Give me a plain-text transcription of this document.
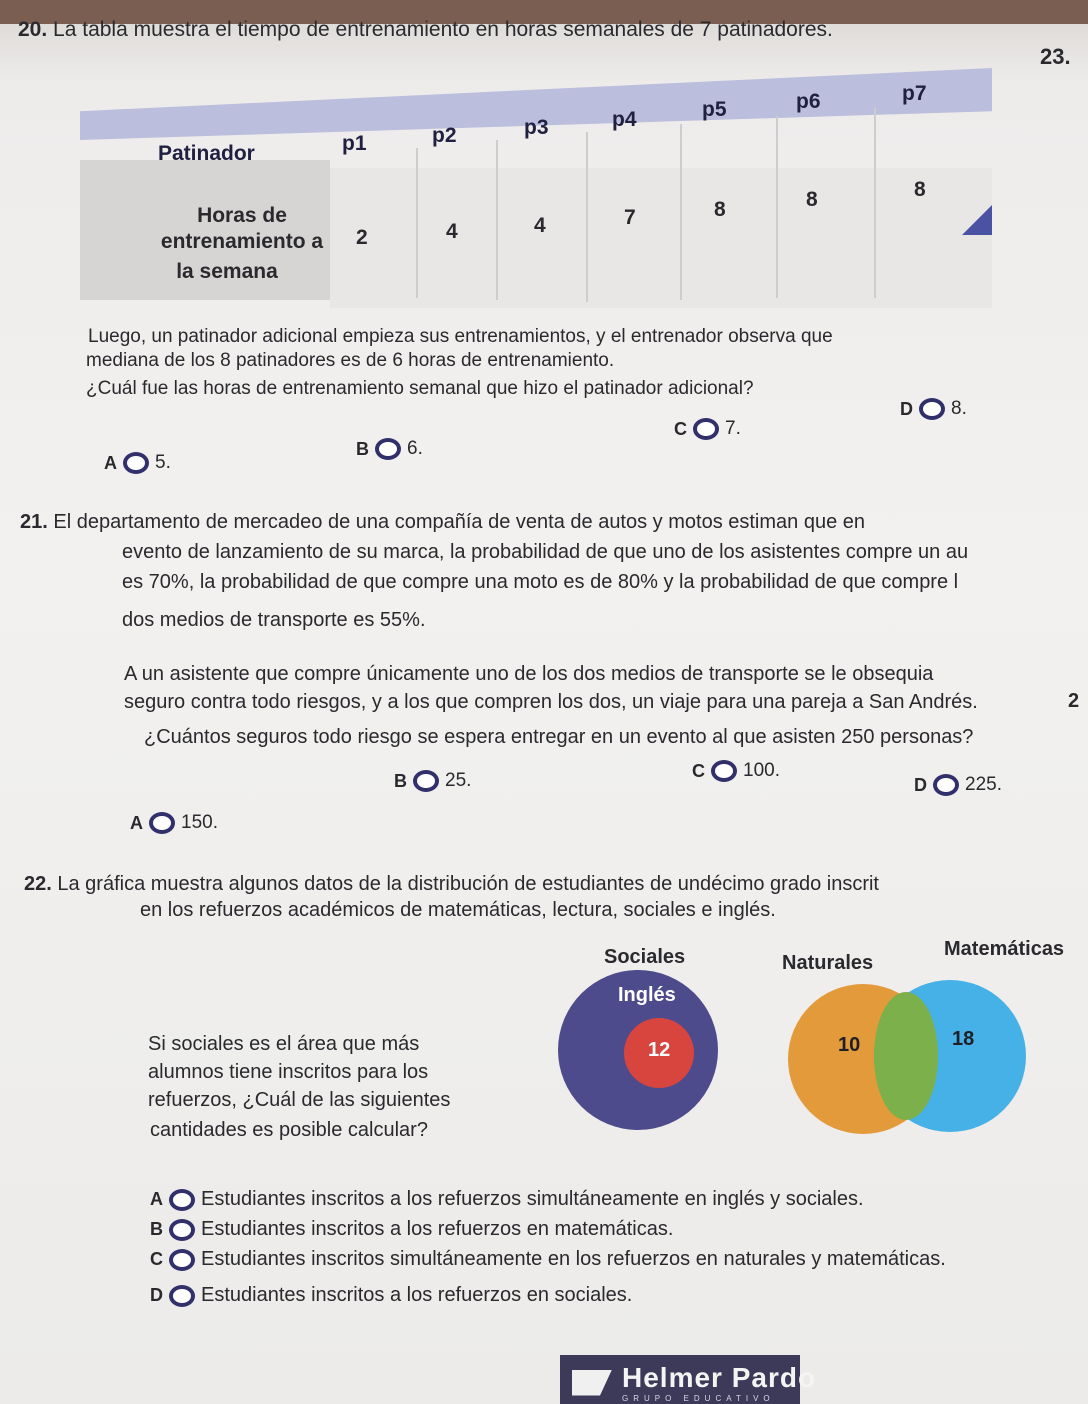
20. La tabla muestra el tiempo de entrenamiento en horas semanales de 7 patinadores.
23.
Patinador	p1	p2	p3	p4	p5	p6	p7
Horas de
entrenamiento a
la semana
2	4	4	7	8	8	8
Luego, un patinador adicional empieza sus entrenamientos, y el entrenador observa que
mediana de los 8 patinadores es de 6 horas de entrenamiento.
¿Cuál fue las horas de entrenamiento semanal que hizo el patinador adicional?
A 5.
B 6.
C 7.
D 8.
21. El departamento de mercadeo de una compañía de venta de autos y motos estiman que en
evento de lanzamiento de su marca, la probabilidad de que uno de los asistentes compre un au
es 70%, la probabilidad de que compre una moto es de 80% y la probabilidad de que compre l
dos medios de transporte es 55%.
A un asistente que compre únicamente uno de los dos medios de transporte se le obsequia
seguro contra todo riesgos, y a los que compren los dos, un viaje para una pareja a San Andrés.	2
¿Cuántos seguros todo riesgo se espera entregar en un evento al que asisten 250 personas?
A 150.
B 25.	C 100.
D 225.
22. La gráfica muestra algunos datos de la distribución de estudiantes de undécimo grado inscrit
en los refuerzos académicos de matemáticas, lectura, sociales e inglés.
Si sociales es el área que más
alumnos tiene inscritos para los
refuerzos, ¿Cuál de las siguientes
cantidades es posible calcular?
Sociales	Naturales
Matemáticas
Inglés
12	10	18
A Estudiantes inscritos a los refuerzos simultáneamente en inglés y sociales.
B Estudiantes inscritos a los refuerzos en matemáticas.
C Estudiantes inscritos simultáneamente en los refuerzos en naturales y matemáticas.
D Estudiantes inscritos a los refuerzos en sociales.
Helmer Pardo
GRUPO EDUCATIVO
